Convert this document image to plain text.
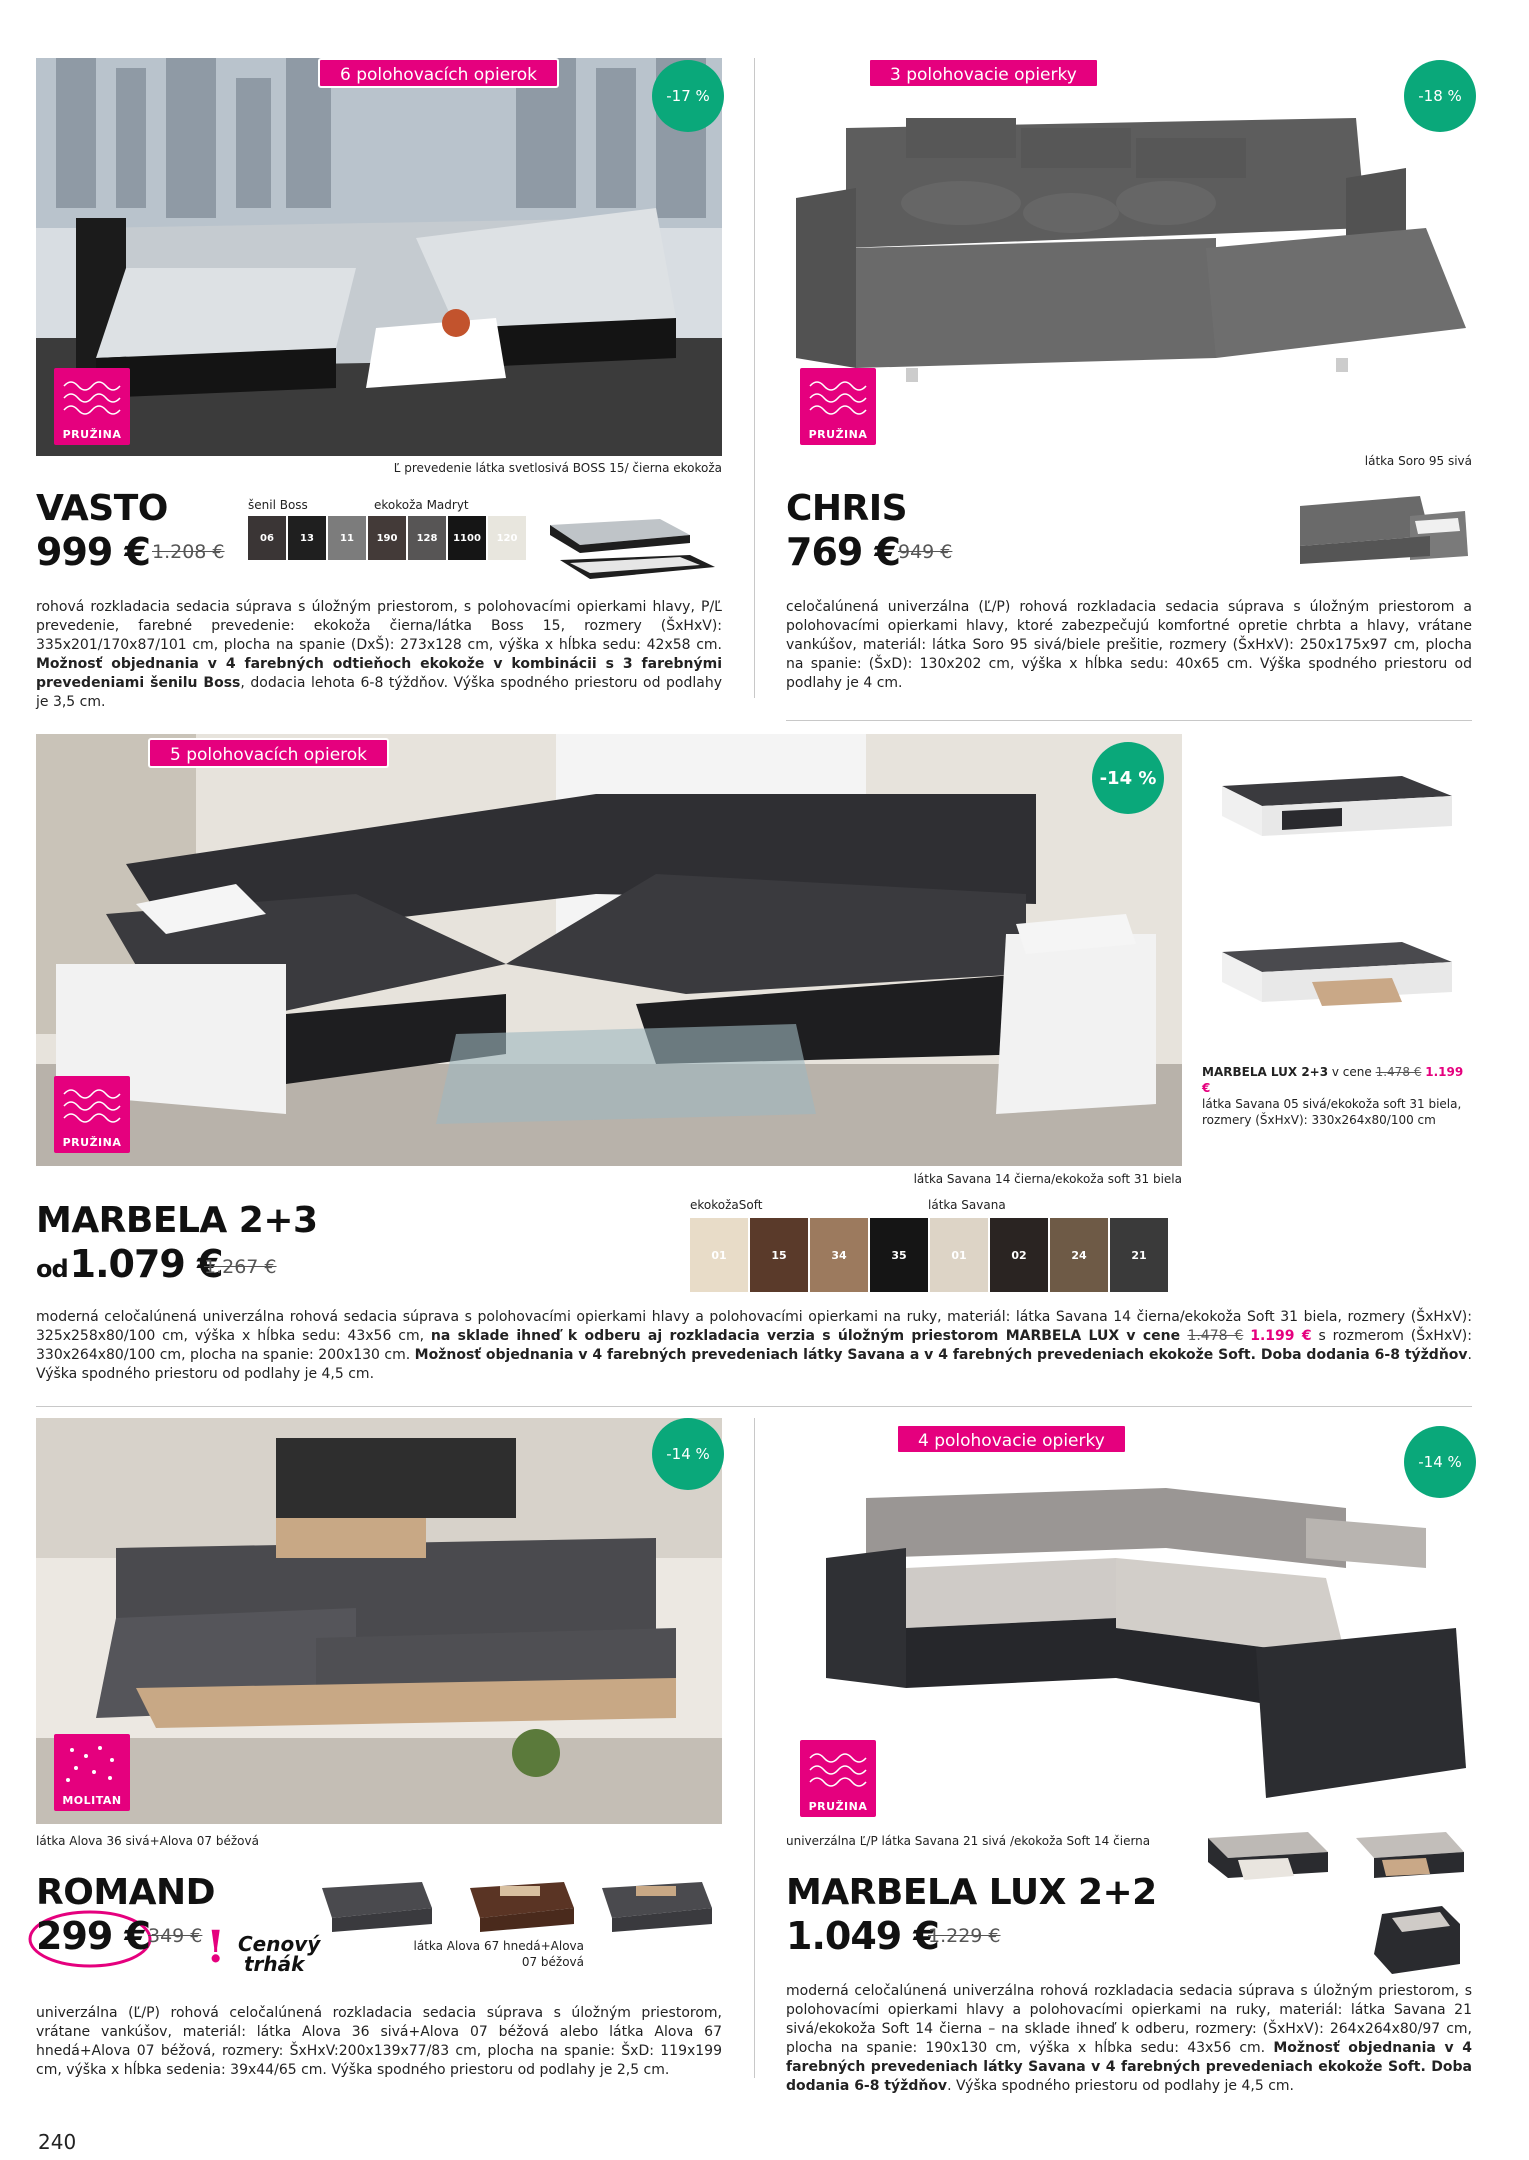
6 polohovacích opierok
-17 %
PRUŽINA
Ľ prevedenie látka svetlosivá BOSS 15/ čierna ekokoža
VASTO
999 € 1.208 €
šenil Boss	ekokoža Madryt
06	13	11	190	128	1100	120

rohová rozkladacia sedacia súprava s úložným priestorom, s polohovacími opierkami hlavy, P/Ľ prevedenie, farebné prevedenie: ekokoža čierna/látka Boss 15, rozmery (ŠxHxV): 335x201/170x87/101 cm, plocha na spanie (DxŠ): 273x128 cm, výška x hĺbka sedu: 42x58 cm. Možnosť objednania v 4 farebných odtieňoch ekokože v kombinácii s 3 farebnými prevedeniami šenilu Boss, dodacia lehota 6-8 týždňov. Výška spodného priestoru od podlahy je 3,5 cm.

3 polohovacie opierky
-18 %
PRUŽINA
látka Soro 95 sivá
CHRIS
769 €
949 €

celočalúnená univerzálna (Ľ/P) rohová rozkladacia sedacia súprava s úložným priestorom a polohovacími opierkami hlavy, ktoré zabezpečujú komfortné opretie chrbta a hlavy, vrátane vankúšov, materiál: látka Soro 95 sivá/biele prešitie, rozmery (ŠxHxV): 250x175x97 cm, plocha na spanie: (ŠxD): 130x202 cm, výška x hĺbka sedu: 40x65 cm. Výška spodného priestoru od podlahy je 4 cm.

5 polohovacích opierok
-14 %
PRUŽINA

MARBELA LUX 2+3 v cene 1.478 € 1.199 €
látka Savana 05 sivá/ekokoža soft 31 biela, rozmery (ŠxHxV): 330x264x80/100 cm

látka Savana 14 čierna/ekokoža soft 31 biela
MARBELA 2+3
od1.079 €
1.267 €
ekokožaSoft	látka Savana
01	15	34	35	01	02	24	21

moderná celočalúnená univerzálna rohová sedacia súprava s polohovacími opierkami hlavy a polohovacími opierkami na ruky, materiál: látka Savana 14 čierna/ekokoža Soft 31 biela, rozmery (ŠxHxV): 325x258x80/100 cm, výška x hĺbka sedu: 43x56 cm, na sklade ihneď k odberu aj rozkladacia verzia s úložným priestorom MARBELA LUX v cene 1.478 € 1.199 € s rozmerom (ŠxHxV): 330x264x80/100 cm, plocha na spanie: 200x130 cm. Možnosť objednania v 4 farebných prevedeniach látky Savana a v 4 farebných prevedeniach ekokože Soft. Doba dodania 6-8 týždňov. Výška spodného priestoru od podlahy je 4,5 cm.

-14 %
MOLITAN
látka Alova 36 sivá+Alova 07 béžová
ROMAND
299 €
349 € ! Cenový
trhák
látka Alova 67 hnedá+Alova 07 béžová

univerzálna (Ľ/P) rohová celočalúnená rozkladacia sedacia súprava s úložným priestorom, vrátane vankúšov, materiál: látka Alova 36 sivá+Alova 07 béžová alebo látka Alova 67 hnedá+Alova 07 béžová, rozmery: ŠxHxV:200x139x77/83 cm, plocha na spanie: ŠxD: 119x199 cm, výška x hĺbka sedenia: 39x44/65 cm. Výška spodného priestoru od podlahy je 2,5 cm.

4 polohovacie opierky
-14 %
PRUŽINA
univerzálna Ľ/P látka Savana 21 sivá /ekokoža Soft 14 čierna
MARBELA LUX 2+2
1.049 €
1.229 €

moderná celočalúnená univerzálna rohová rozkladacia sedacia súprava s úložným priestorom, s polohovacími opierkami hlavy a polohovacími opierkami na ruky, materiál: látka Savana 21 sivá/ekokoža Soft 14 čierna – na sklade ihneď k odberu, rozmery: (ŠxHxV): 264x264x80/97 cm, plocha na spanie: 190x130 cm, výška x hĺbka sedu: 43x56 cm. Možnosť objednania v 4 farebných prevedeniach látky Savana v 4 farebných prevedeniach ekokože Soft. Doba dodania 6-8 týždňov. Výška spodného priestoru od podlahy je 4,5 cm.

240
